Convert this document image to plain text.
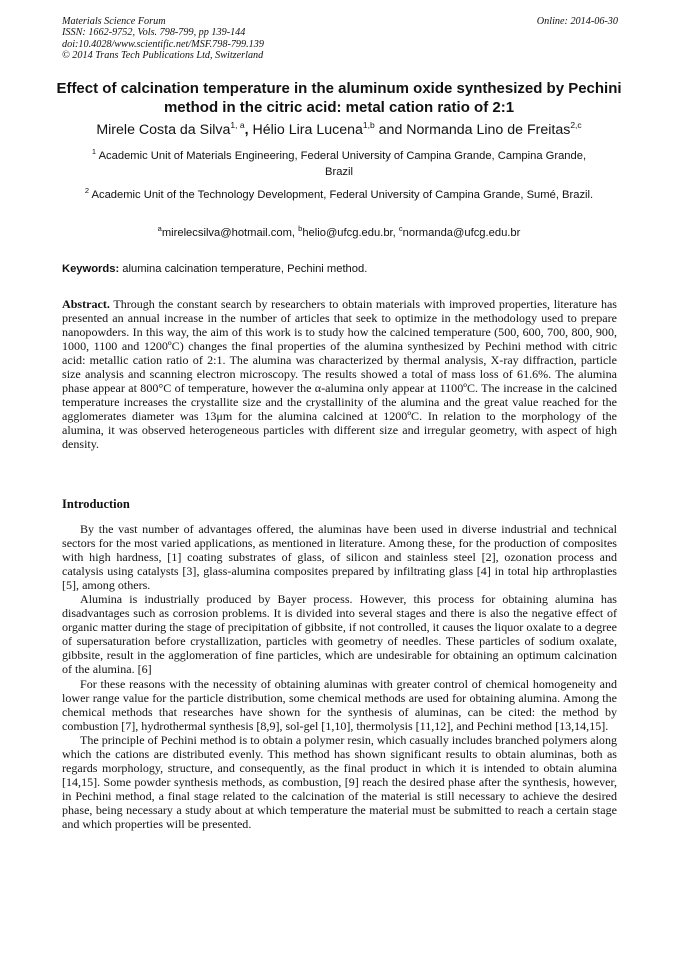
Materials Science Forum
ISSN: 1662-9752, Vols. 798-799, pp 139-144
doi:10.4028/www.scientific.net/MSF.798-799.139
© 2014 Trans Tech Publications Ltd, Switzerland
Online: 2014-06-30
Effect of calcination temperature in the aluminum oxide synthesized by Pechini method in the citric acid: metal cation ratio of 2:1
Mirele Costa da Silva$^{1, a}$, Hélio Lira Lucena$^{1,b}$ and Normanda Lino de Freitas$^{2,c}$
$^1$ Academic Unit of Materials Engineering, Federal University of Campina Grande, Campina Grande, Brazil
$^2$ Academic Unit of the Technology Development, Federal University of Campina Grande, Sumé, Brazil.
$^a$mirelecsilva@hotmail.com, $^b$helio@ufcg.edu.br, $^c$normanda@ufcg.edu.br
Keywords: alumina calcination temperature, Pechini method.
Abstract. Through the constant search by researchers to obtain materials with improved properties, literature has presented an annual increase in the number of articles that seek to optimize in the methodology used to prepare nanopowders. In this way, the aim of this work is to study how the calcined temperature (500, 600, 700, 800, 900, 1000, 1100 and 1200ºC) changes the final properties of the alumina synthesized by Pechini method with citric acid: metallic cation ratio of 2:1. The alumina was characterized by thermal analysis, X-ray diffraction, particle size analysis and scanning electron microscopy. The results showed a total of mass loss of 61.6%. The alumina phase appear at 800°C of temperature, however the α-alumina only appear at 1100ºC. The increase in the calcined temperature increases the crystallite size and the crystallinity of the alumina and the great value reached for the agglomerates diameter was 13μm for the alumina calcined at 1200ºC. In relation to the morphology of the alumina, it was observed heterogeneous particles with different size and irregular geometry, with aspect of high density.
Introduction

By the vast number of advantages offered, the aluminas have been used in diverse industrial and technical sectors for the most varied applications, as mentioned in literature. Among these, for the production of composites with high hardness, [1] coating substrates of glass, of silicon and stainless steel [2], ozonation process and catalysis using catalysts [3], glass-alumina composites prepared by infiltrating glass [4] in total hip arthroplasties [5], among others.

Alumina is industrially produced by Bayer process. However, this process for obtaining alumina has disadvantages such as corrosion problems. It is divided into several stages and there is also the negative effect of organic matter during the stage of precipitation of gibbsite, if not controlled, it causes the liquor oxalate to a degree of supersaturation before crystallization, particles with geometry of needles. These particles of sodium oxalate, gibbsite, result in the agglomeration of fine particles, which are undesirable for obtaining an optimum calcination of the alumina. [6]

For these reasons with the necessity of obtaining aluminas with greater control of chemical homogeneity and lower range value for the particle distribution, some chemical methods are used for obtaining alumina. Among the chemical methods that researches have shown for the synthesis of aluminas, can be cited: the method by combustion [7], hydrothermal synthesis [8,9], sol-gel [1,10], thermolysis [11,12], and Pechini method [13,14,15].

The principle of Pechini method is to obtain a polymer resin, which casually includes branched polymers along which the cations are distributed evenly. This method has shown significant results to obtain aluminas, both as regards morphology, structure, and consequently, as the final product in which it is intended to obtain alumina [14,15]. Some powder synthesis methods, as combustion, [9] reach the desired phase after the synthesis, however, in Pechini method, a final stage related to the calcination of the material is still necessary to achieve the desired phase, being necessary a study about at which temperature the material must be submitted to reach a certain stage and which properties will be presented.
